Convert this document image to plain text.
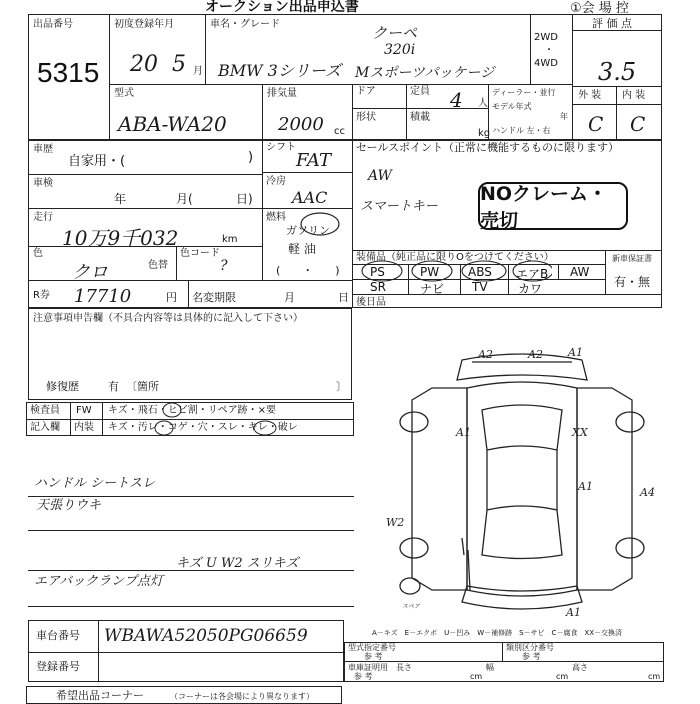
オークション出品申込書	①会 場 控
出品番号
5315
初度登録年月
20 5 月
車名・グレード
BMW 3シリーズ
クーペ
320i
Mスポーツパッケージ
2WD
・
4WD
評 価 点
3.5
外 装 内 装
C C
型式
ABA-WA20
排気量
2000 cc
ドア
形状
定員 4 人
積載
kg
ディーラー・並行
モデル年式
年
ハンドル 左・右
車歴
自家用・(	)
シフト
FAT
セールスポイント（正常に機能するものに限ります）
AW
スマートキー
NOクレーム・売切
車検
年	月(	日)
冷房
AAC
走行
10万9千032	km
燃料
ガソリン
軽 油
(　　・　　)
色
クロ	色替
色コード
?
装備品（純正品に限りOをつけてください）	新車保証書
有・無
PS	PW ABS エアB AW
SR	ナビ TV	カワ
後日品
R券 17710	円 名変期限	月	日
注意事項申告欄（不具合内容等は具体的に記入して下さい）
修復歴	有 〔箇所	〕
検査員
記入欄
FW キズ・飛石・ヒビ割・リペア跡・×要
内装 キズ・汚レ・コゲ・穴・スレ・キレ・破レ
ハンドル シートスレ
天張りウキ
キズ U W2 スリキズ
エアバックランプ点灯
A2	A2 A1
A1	XX
A1	A4
W2
A1
スペア
A－キズ　E－エクボ　U－凹み　W－補修跡　S－サビ　C－腐食　XX－交換済
車台番号 WBAWA52050PG06659
登録番号
型式指定番号
参 考
類別区分番号
参 考
車庫証明用
参 考
長さ
cm
幅
cm
高さ
cm
希望出品コーナー	（コーナーは各会場により異なります）
